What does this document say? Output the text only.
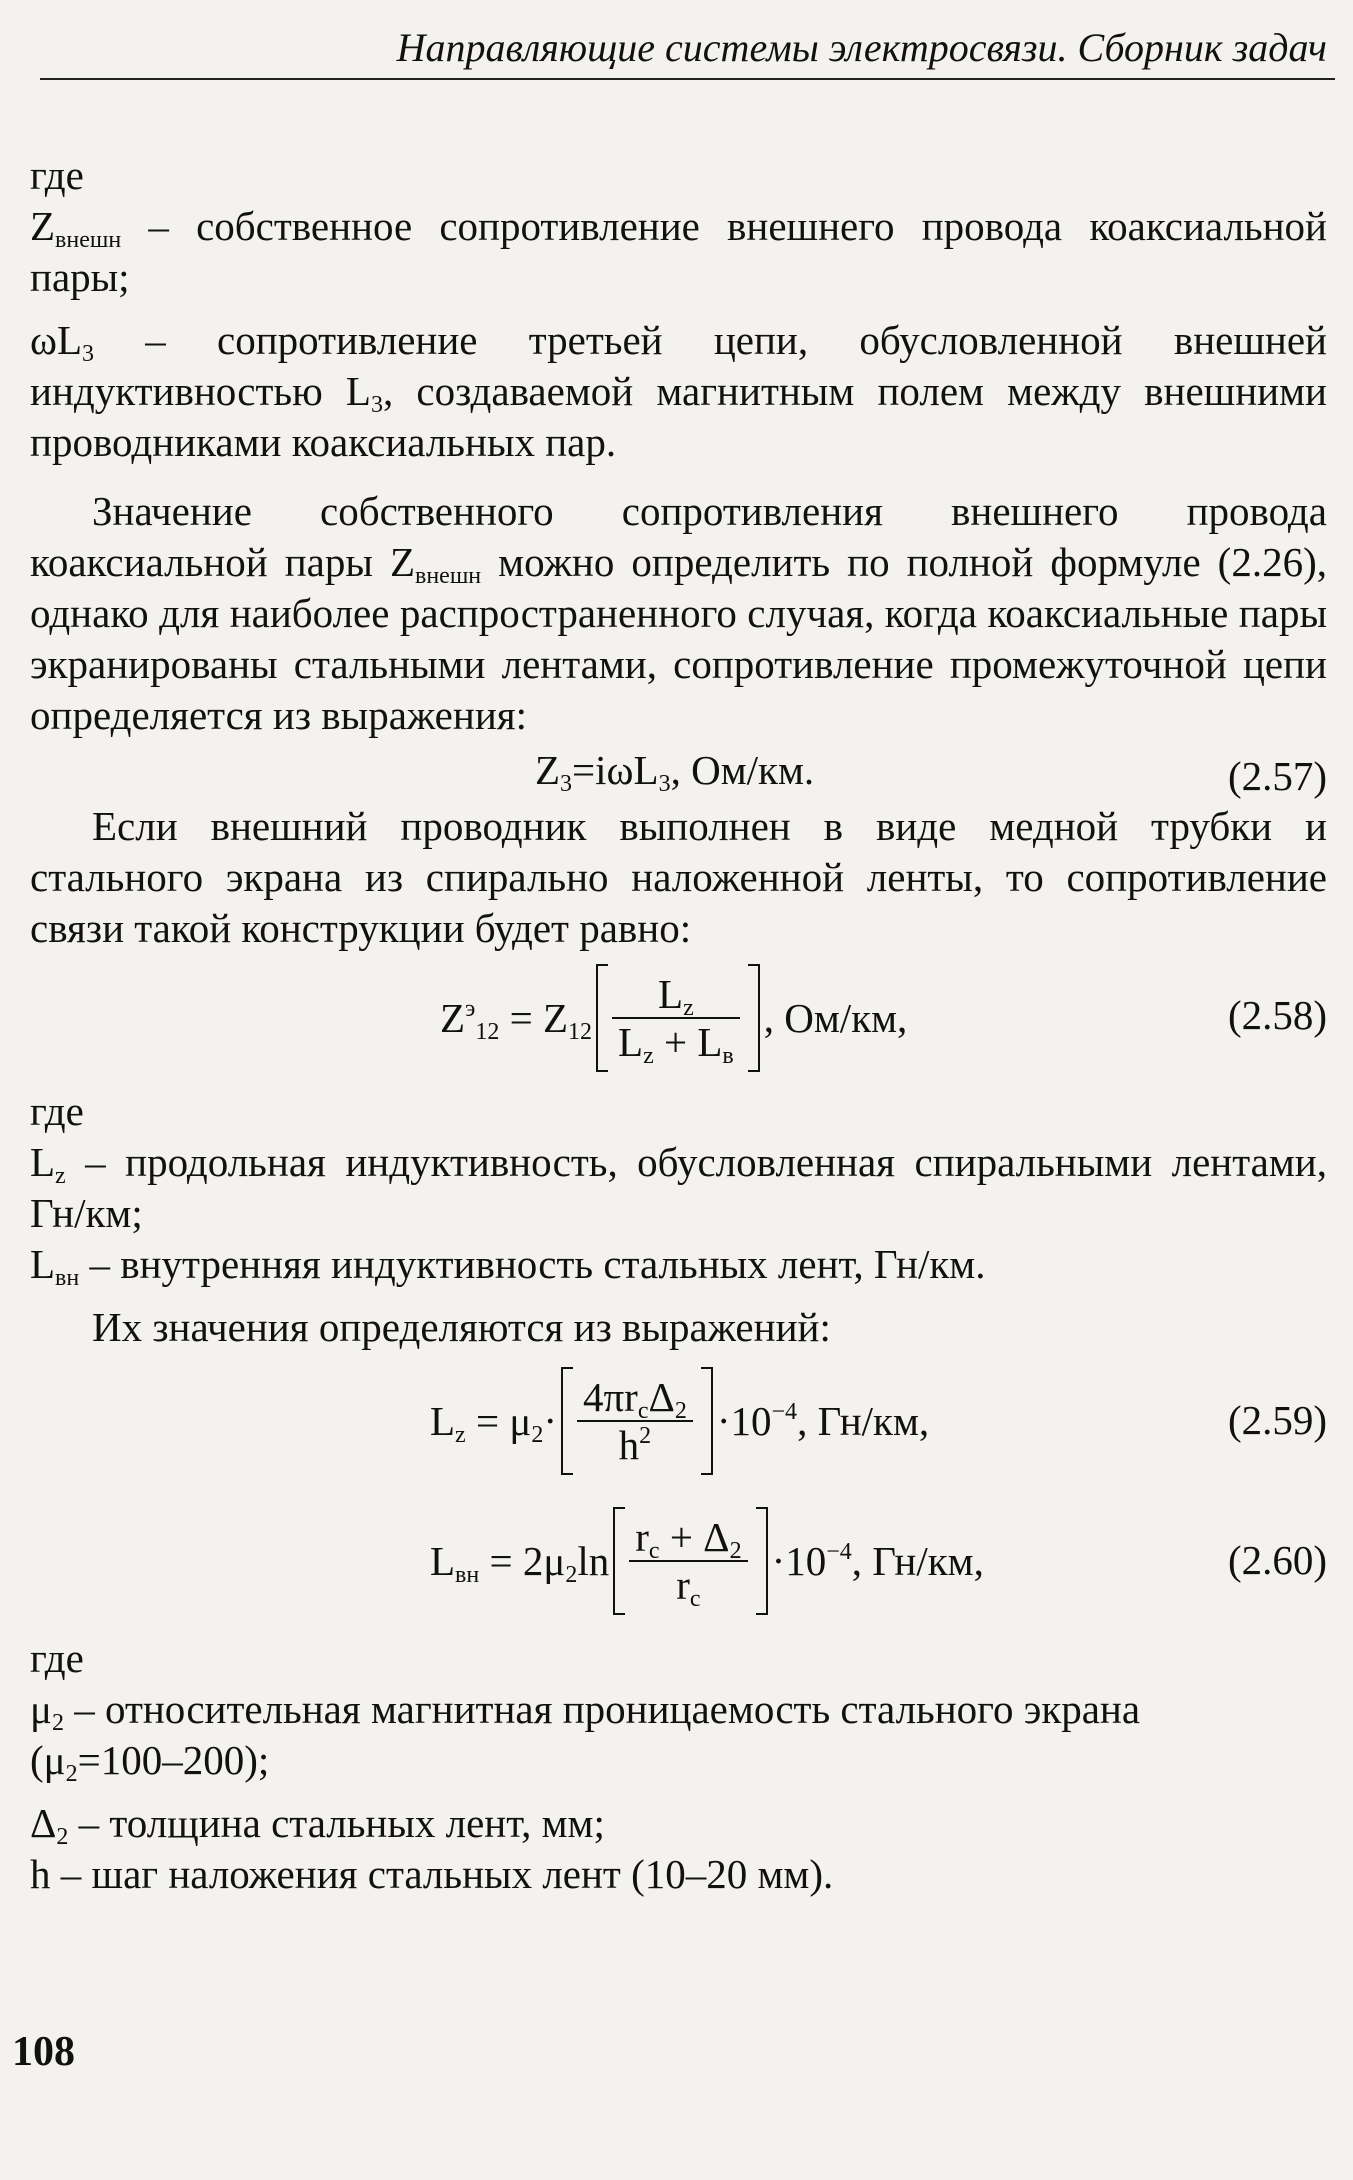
Направляющие системы электросвязи. Сборник задач

где

$Z_{внешн}$ – собственное сопротивление внешнего провода коаксиальной пары;

$\omega L_3$ – сопротивление третьей цепи, обусловленной внешней индуктивностью $L_3$, создаваемой магнитным полем между внешними проводниками коаксиальных пар.

Значение собственного сопротивления внешнего провода коаксиальной пары $Z_{внешн}$ можно определить по полной формуле (2.26), однако для наиболее распространенного случая, когда коаксиальные пары экранированы стальными лентами, сопротивление промежуточной цепи определяется из выражения:

$Z_3=i\omega L_3$, Ом/км.	(2.57)

Если внешний проводник выполнен в виде медной трубки и стального экрана из спирально наложенной ленты, то сопротивление связи такой конструкции будет равно:

$Z^э_{12} = Z_{12} \frac{L_z}{L_z + L_в}$ , Ом/км,	(2.58)

где

$L_z$ – продольная индуктивность, обусловленная спиральными лентами, Гн/км;

$L_{вн}$ – внутренняя индуктивность стальных лент, Гн/км.

Их значения определяются из выражений:

$L_z = \mu_2\cdot \frac{4\pi r_c\Delta_2}{h^2} \cdot 10^{-4}$, Гн/км,	(2.59)
$L_{вн} = 2\mu_2\ln \frac{r_c + \Delta_2}{r_c} \cdot 10^{-4}$, Гн/км,	(2.60)

где

$\mu_2$ – относительная магнитная проницаемость стального экрана
$(\mu_2=100-200)$;

$\Delta_2$ – толщина стальных лент, мм;

h – шаг наложения стальных лент (10–20 мм).

108
